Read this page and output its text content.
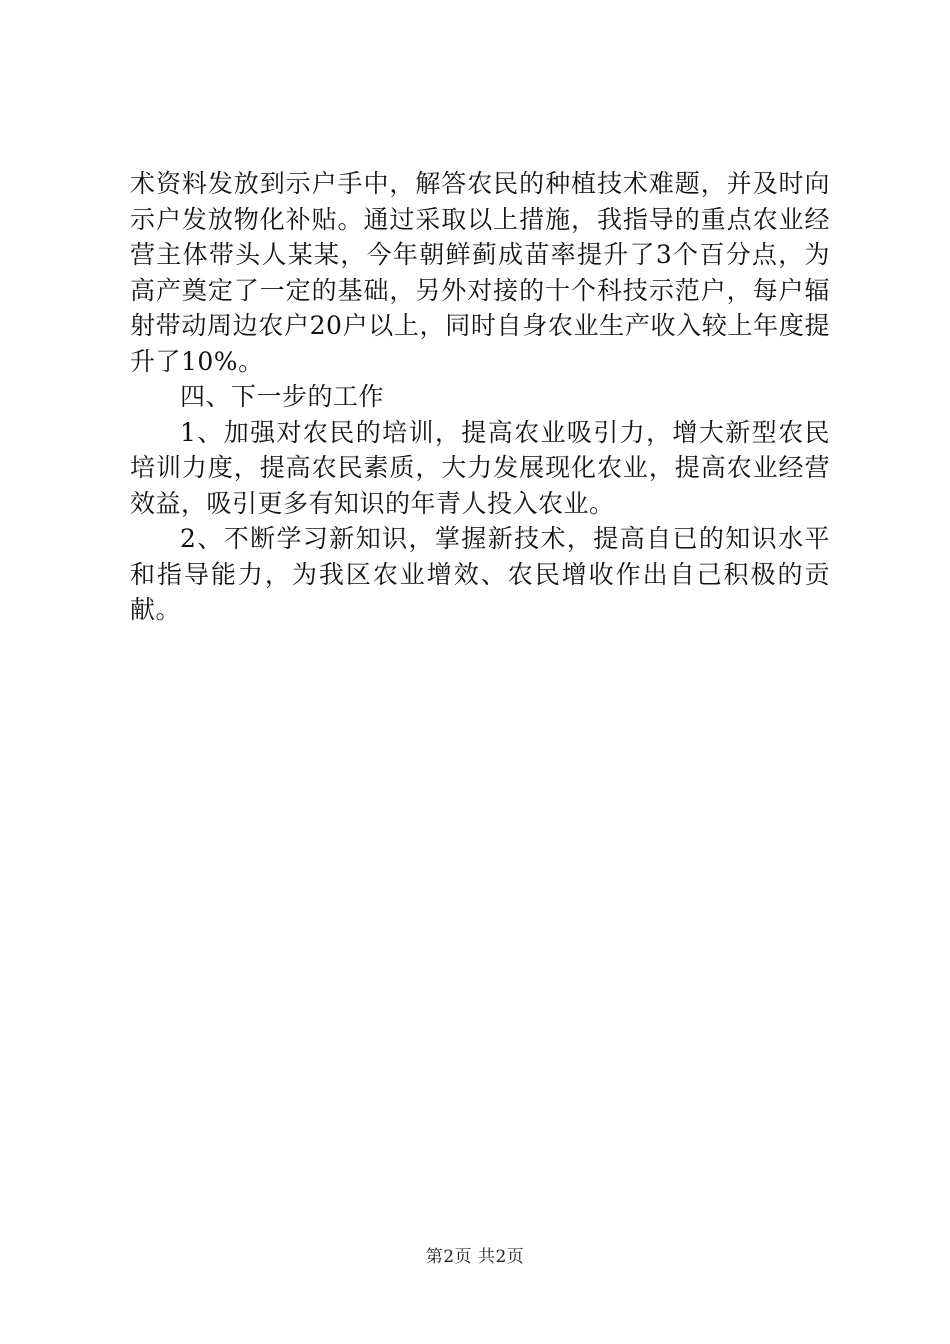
术资料发放到示户手中，解答农民的种植技术难题，并及时向示户发放物化补贴。通过采取以上措施，我指导的重点农业经营主体带头人某某，今年朝鲜蓟成苗率提升了3个百分点，为高产奠定了一定的基础，另外对接的十个科技示范户，每户辐射带动周边农户20户以上，同时自身农业生产收入较上年度提升了10%。

四、下一步的工作

1、加强对农民的培训，提高农业吸引力，增大新型农民培训力度，提高农民素质，大力发展现化农业，提高农业经营效益，吸引更多有知识的年青人投入农业。

2、不断学习新知识，掌握新技术，提高自已的知识水平和指导能力，为我区农业增效、农民增收作出自己积极的贡献。

第2页 共2页
